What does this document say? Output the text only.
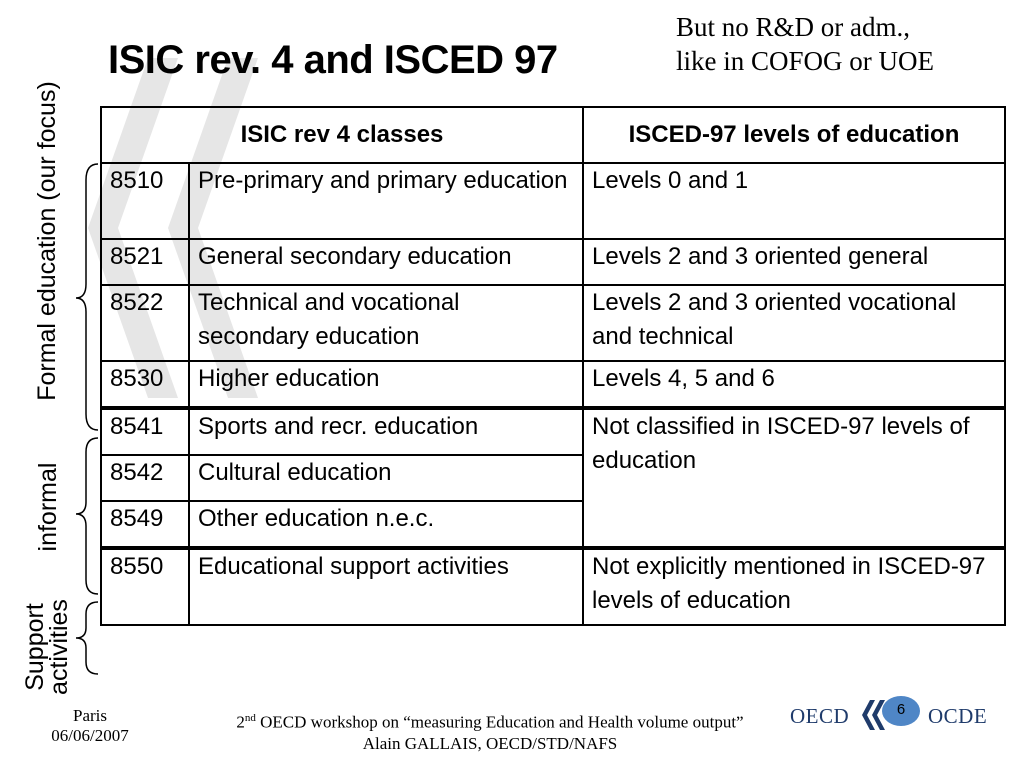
ISIC rev. 4 and ISCED 97
But no R&D or adm.,
like in COFOG or UOE
Formal education (our focus)
informal
Support
activities
ISIC rev 4 classes		ISCED-97 levels of education
8510	Pre-primary and primary education	Levels 0 and 1
8521	General secondary education	Levels 2 and 3 oriented general
8522	Technical and vocational secondary education	Levels 2 and 3 oriented vocational and technical
8530	Higher education	Levels 4, 5 and 6
8541	Sports and recr. education	Not classified in ISCED-97 levels of education
8542	Cultural education	
8549	Other education n.e.c.	
8550	Educational support activities	Not explicitly mentioned in ISCED-97 levels of education
Paris
06/06/2007
2nd OECD workshop on “measuring Education and Health volume output”
Alain GALLAIS, OECD/STD/NAFS
OECD	6	OCDE
